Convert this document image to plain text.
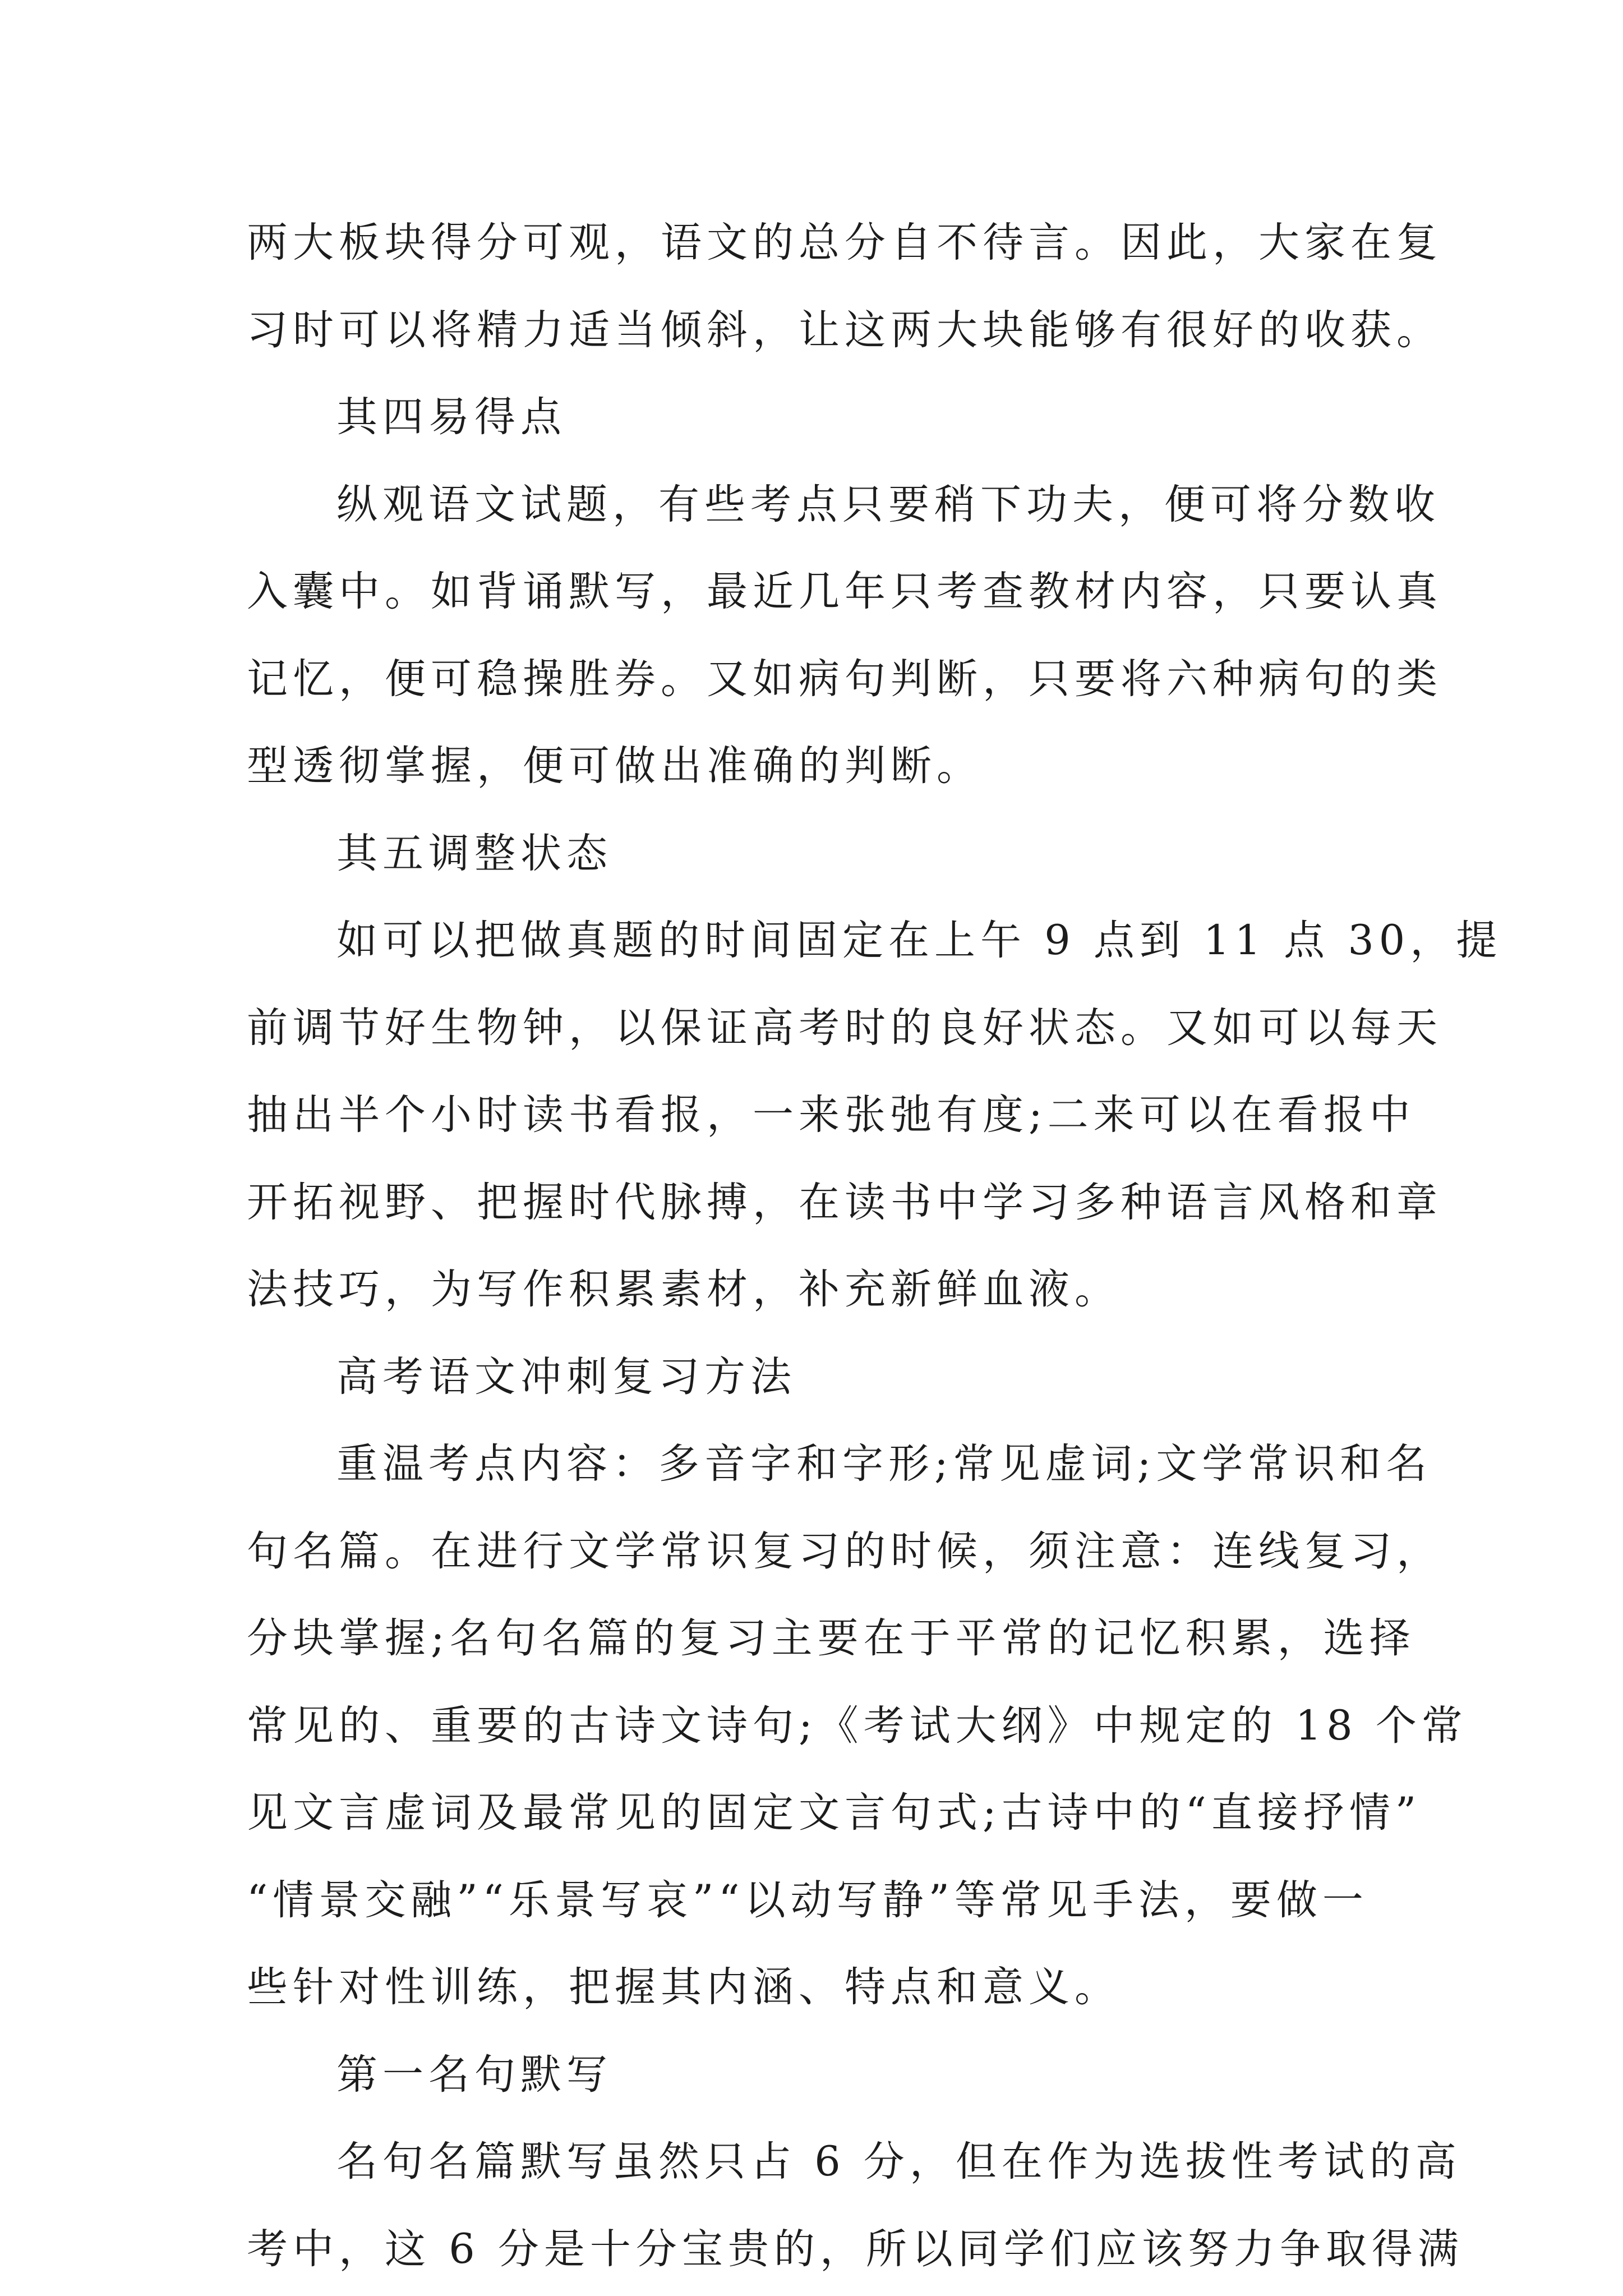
两大板块得分可观，语文的总分自不待言。因此，大家在复
习时可以将精力适当倾斜，让这两大块能够有很好的收获。
其四易得点
纵观语文试题，有些考点只要稍下功夫，便可将分数收
入囊中。如背诵默写，最近几年只考查教材内容，只要认真
记忆，便可稳操胜券。又如病句判断，只要将六种病句的类
型透彻掌握，便可做出准确的判断。
其五调整状态
如可以把做真题的时间固定在上午 9 点到 11 点 30，提
前调节好生物钟，以保证高考时的良好状态。又如可以每天
抽出半个小时读书看报，一来张弛有度;二来可以在看报中
开拓视野、把握时代脉搏，在读书中学习多种语言风格和章
法技巧，为写作积累素材，补充新鲜血液。
高考语文冲刺复习方法
重温考点内容：多音字和字形;常见虚词;文学常识和名
句名篇。在进行文学常识复习的时候，须注意：连线复习，
分块掌握;名句名篇的复习主要在于平常的记忆积累，选择
常见的、重要的古诗文诗句;《考试大纲》中规定的 18 个常
见文言虚词及最常见的固定文言句式;古诗中的“直接抒情”
“情景交融”“乐景写哀”“以动写静”等常见手法，要做一
些针对性训练，把握其内涵、特点和意义。
第一名句默写
名句名篇默写虽然只占 6 分，但在作为选拔性考试的高
考中，这 6 分是十分宝贵的，所以同学们应该努力争取得满
